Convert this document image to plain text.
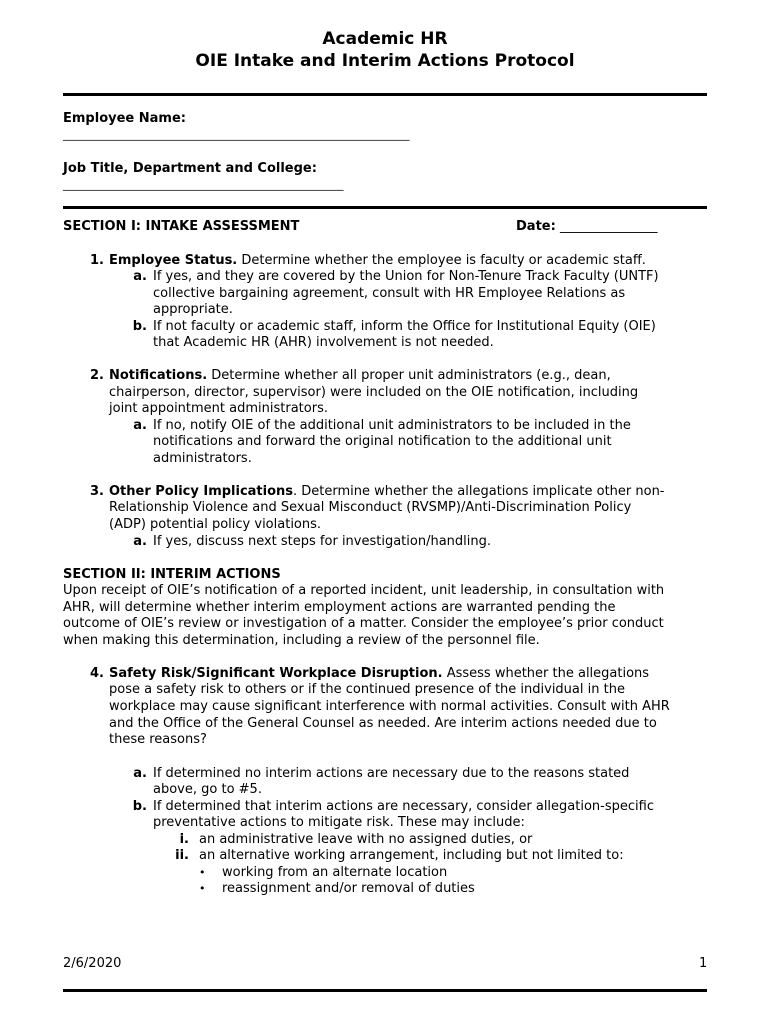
Academic HR
OIE Intake and Interim Actions Protocol
Employee Name:
_______________________________________________________________
Job Title, Department and College:
___________________________________________________
SECTION I: INTAKE ASSESSMENT	Date: _______________
1. Employee Status. Determine whether the employee is faculty or academic staff.
a. If yes, and they are covered by the Union for Non-Tenure Track Faculty (UNTF)
collective bargaining agreement, consult with HR Employee Relations as
appropriate.
b. If not faculty or academic staff, inform the Office for Institutional Equity (OIE)
that Academic HR (AHR) involvement is not needed.
2. Notifications. Determine whether all proper unit administrators (e.g., dean,
chairperson, director, supervisor) were included on the OIE notification, including
joint appointment administrators.
a. If no, notify OIE of the additional unit administrators to be included in the
notifications and forward the original notification to the additional unit
administrators.
3. Other Policy Implications. Determine whether the allegations implicate other non-
Relationship Violence and Sexual Misconduct (RVSMP)/Anti-Discrimination Policy
(ADP) potential policy violations.
a. If yes, discuss next steps for investigation/handling.
SECTION II: INTERIM ACTIONS
Upon receipt of OIE’s notification of a reported incident, unit leadership, in consultation with
AHR, will determine whether interim employment actions are warranted pending the
outcome of OIE’s review or investigation of a matter. Consider the employee’s prior conduct
when making this determination, including a review of the personnel file.
4. Safety Risk/Significant Workplace Disruption. Assess whether the allegations
pose a safety risk to others or if the continued presence of the individual in the
workplace may cause significant interference with normal activities. Consult with AHR
and the Office of the General Counsel as needed. Are interim actions needed due to
these reasons?
a. If determined no interim actions are necessary due to the reasons stated
above, go to #5.
b. If determined that interim actions are necessary, consider allegation-specific
preventative actions to mitigate risk. These may include:
i. an administrative leave with no assigned duties, or
ii. an alternative working arrangement, including but not limited to:
• working from an alternate location
• reassignment and/or removal of duties
2/6/2020	1
